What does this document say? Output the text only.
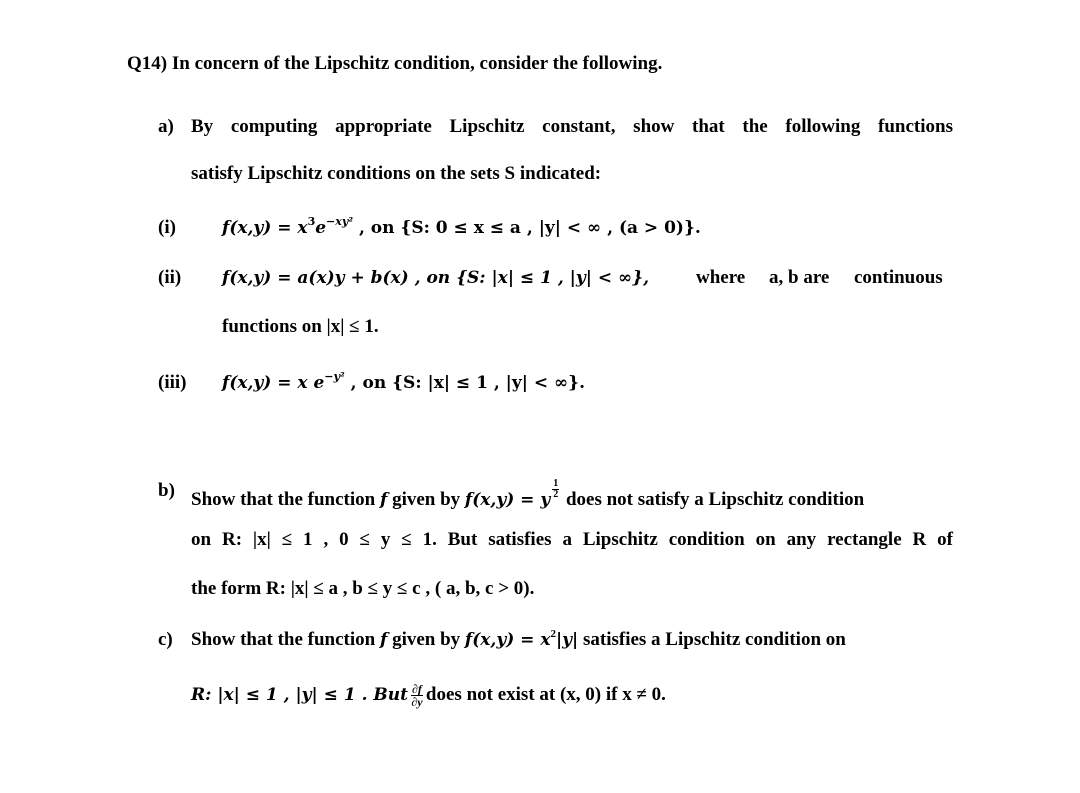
Q14) In concern of the Lipschitz condition, consider the following.
a) By computing appropriate Lipschitz constant, show that the following functions
satisfy Lipschitz conditions on the sets S indicated:
(i)	$f(x,y) = x^3e^{-xy^2}$ , on {S: 0 ≤ x ≤ a , |y| < ∞ , (a > 0)}.
(ii) f(x,y) = a(x)y + b(x) , on {S: |x| ≤ 1 , |y| < ∞}, where a, b are continuous
functions on |x| ≤ 1.
(iii) f(x,y) = x $e^{-y^2}$ , on {S: |x| ≤ 1 , |y| < ∞}.
b) Show that the function f given by f(x,y) = y $\frac{1}{2}$ does not satisfy a Lipschitz condition
on R: |x| ≤ 1 , 0 ≤ y ≤ 1. But satisfies a Lipschitz condition on any rectangle R of
the form R: |x| ≤ a , b ≤ y ≤ c , ( a, b, c > 0).
c) Show that the function f given by $f(x,y) = x^2|y|$ satisfies a Lipschitz condition on
R: |x| ≤ 1 , |y| ≤ 1 . But $\frac{\partial f}{\partial y}$ does not exist at (x, 0) if x ≠ 0.
